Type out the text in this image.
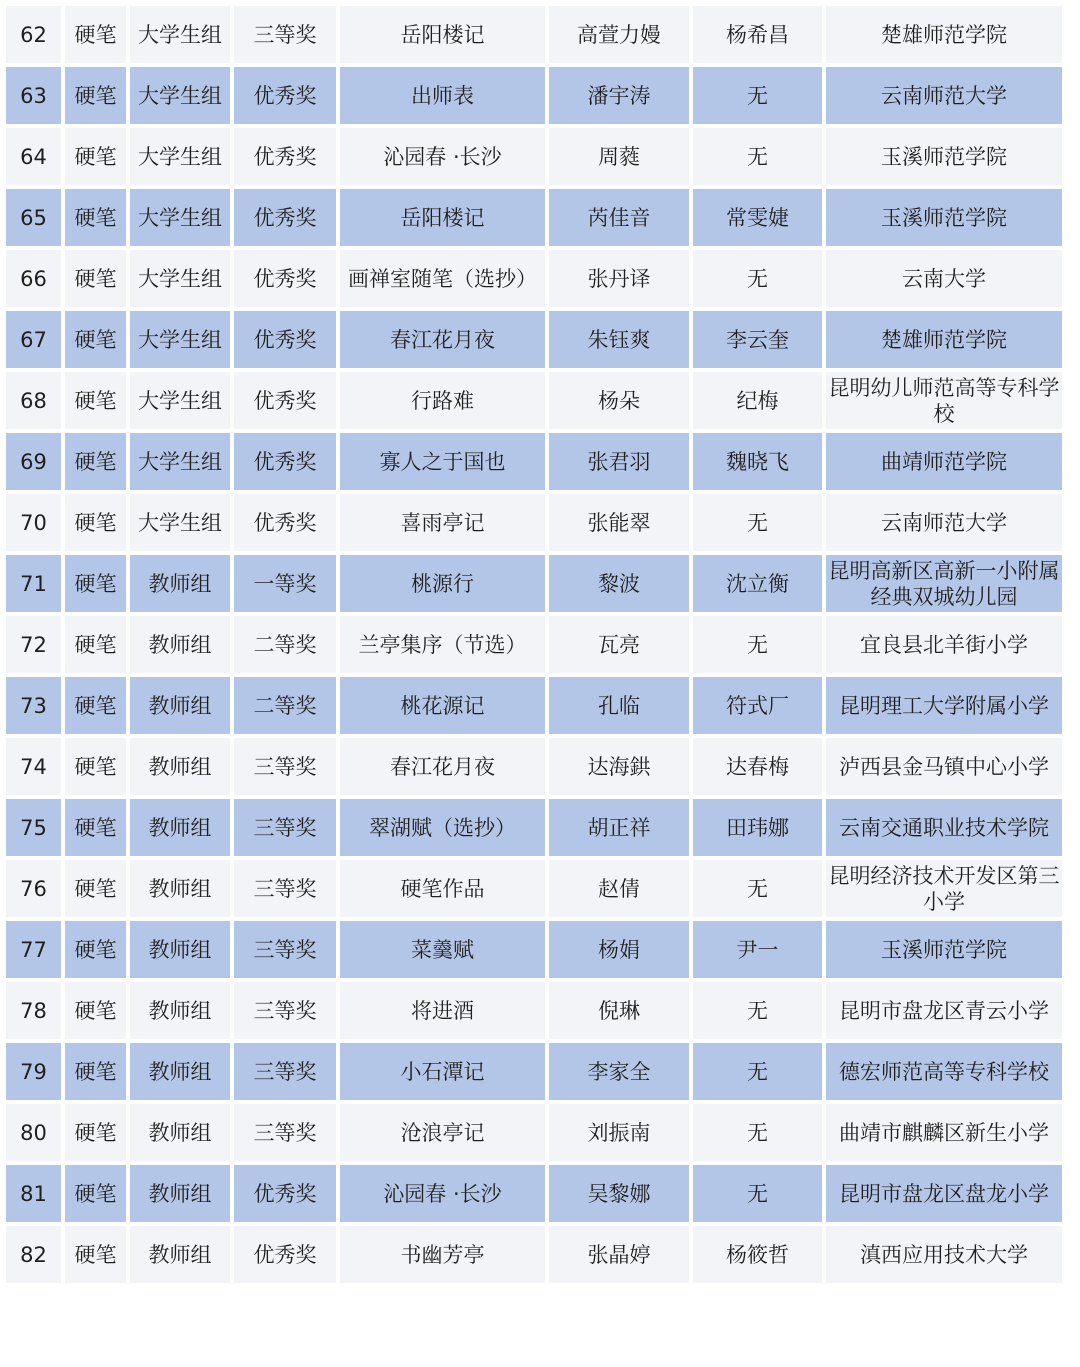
62	硬笔	大学生组	三等奖	岳阳楼记	高萱力嫚	杨希昌	楚雄师范学院
63	硬笔	大学生组	优秀奖	出师表	潘宇涛	无	云南师范大学
64	硬笔	大学生组	优秀奖	沁园春 ·长沙	周蕤	无	玉溪师范学院
65	硬笔	大学生组	优秀奖	岳阳楼记	芮佳音	常雯婕	玉溪师范学院
66	硬笔	大学生组	优秀奖	画禅室随笔（选抄）	张丹译	无	云南大学
67	硬笔	大学生组	优秀奖	春江花月夜	朱钰爽	李云奎	楚雄师范学院
68	硬笔	大学生组	优秀奖	行路难	杨朵	纪梅	昆明幼儿师范高等专科学校
69	硬笔	大学生组	优秀奖	寡人之于国也	张君羽	魏晓飞	曲靖师范学院
70	硬笔	大学生组	优秀奖	喜雨亭记	张能翠	无	云南师范大学
71	硬笔	教师组	一等奖	桃源行	黎波	沈立衡	昆明高新区高新一小附属经典双城幼儿园
72	硬笔	教师组	二等奖	兰亭集序（节选）	瓦亮	无	宜良县北羊街小学
73	硬笔	教师组	二等奖	桃花源记	孔临	符式厂	昆明理工大学附属小学
74	硬笔	教师组	三等奖	春江花月夜	达海鉷	达春梅	泸西县金马镇中心小学
75	硬笔	教师组	三等奖	翠湖赋（选抄）	胡正祥	田玮娜	云南交通职业技术学院
76	硬笔	教师组	三等奖	硬笔作品	赵倩	无	昆明经济技术开发区第三小学
77	硬笔	教师组	三等奖	菜羹赋	杨娟	尹一	玉溪师范学院
78	硬笔	教师组	三等奖	将进酒	倪琳	无	昆明市盘龙区青云小学
79	硬笔	教师组	三等奖	小石潭记	李家全	无	德宏师范高等专科学校
80	硬笔	教师组	三等奖	沧浪亭记	刘振南	无	曲靖市麒麟区新生小学
81	硬笔	教师组	优秀奖	沁园春 ·长沙	吴黎娜	无	昆明市盘龙区盘龙小学
82	硬笔	教师组	优秀奖	书幽芳亭	张晶婷	杨筱哲	滇西应用技术大学
